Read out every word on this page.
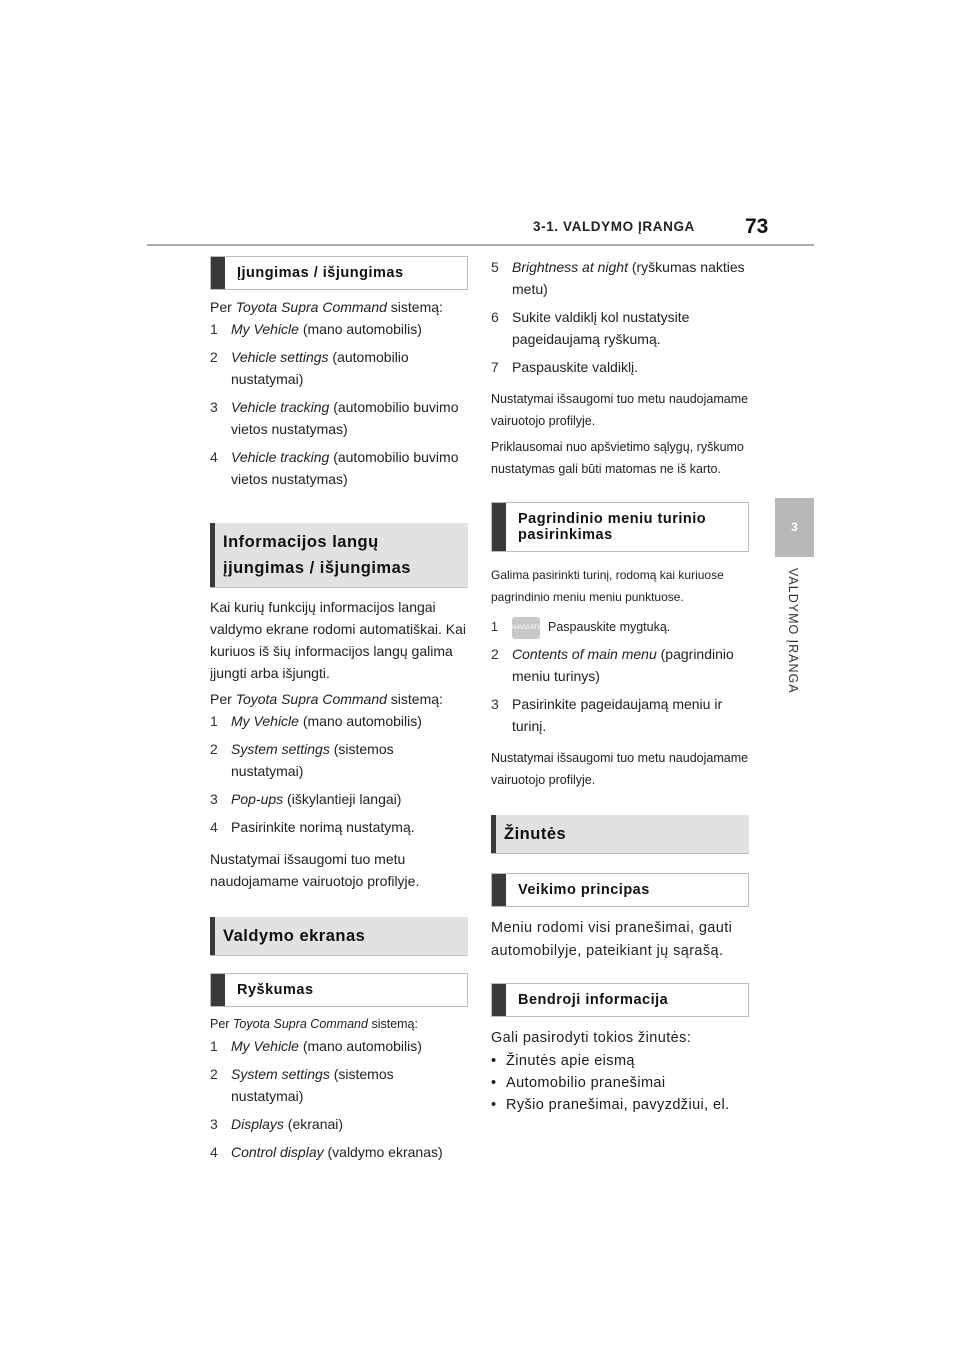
3-1. VALDYMO ĮRANGA 73
3
VALDYMO ĮRANGA
Įjungimas / išjungimas

Per Toyota Supra Command sistemą:

1 My Vehicle (mano automobilis)
2 Vehicle settings (automobilio nustatymai)
3 Vehicle tracking (automobilio buvimo vietos nustatymas)
4 Vehicle tracking (automobilio buvimo vietos nustatymas)
Informacijos langų įjungimas / išjungimas

Kai kurių funkcijų informacijos langai valdymo ekrane rodomi automatiškai. Kai kuriuos iš šių informacijos langų galima įjungti arba išjungti.

Per Toyota Supra Command sistemą:

1 My Vehicle (mano automobilis)
2 System settings (sistemos nustatymai)
3 Pop-ups (iškylantieji langai)
4 Pasirinkite norimą nustatymą.

Nustatymai išsaugomi tuo metu naudojamame vairuotojo profilyje.

Valdymo ekranas
Ryškumas

Per Toyota Supra Command sistemą:

1 My Vehicle (mano automobilis)
2 System settings (sistemos nustatymai)
3 Displays (ekranai)
4 Control display (valdymo ekranas)
5 Brightness at night (ryškumas nakties metu)
6 Sukite valdiklį kol nustatysite pageidaujamą ryškumą.
7 Paspauskite valdiklį.

Nustatymai išsaugomi tuo metu naudojamame vairuotojo profilyje.

Priklausomai nuo apšvietimo sąlygų, ryškumo nustatymas gali būti matomas ne iš karto.

Pagrindinio meniu turinio pasirinkimas

Galima pasirinkti turinį, rodomą kai kuriuose pagrindinio meniu meniu punktuose.

1	NAVIGATIONPaspauskite mygtuką.
2 Contents of main menu (pagrindinio meniu turinys)
3 Pasirinkite pageidaujamą meniu ir turinį.

Nustatymai išsaugomi tuo metu naudojamame vairuotojo profilyje.

Žinutės
Veikimo principas

Meniu rodomi visi pranešimai, gauti automobilyje, pateikiant jų sąrašą.

Bendroji informacija

Gali pasirodyti tokios žinutės:

• Žinutės apie eismą
• Automobilio pranešimai
• Ryšio pranešimai, pavyzdžiui, el.
